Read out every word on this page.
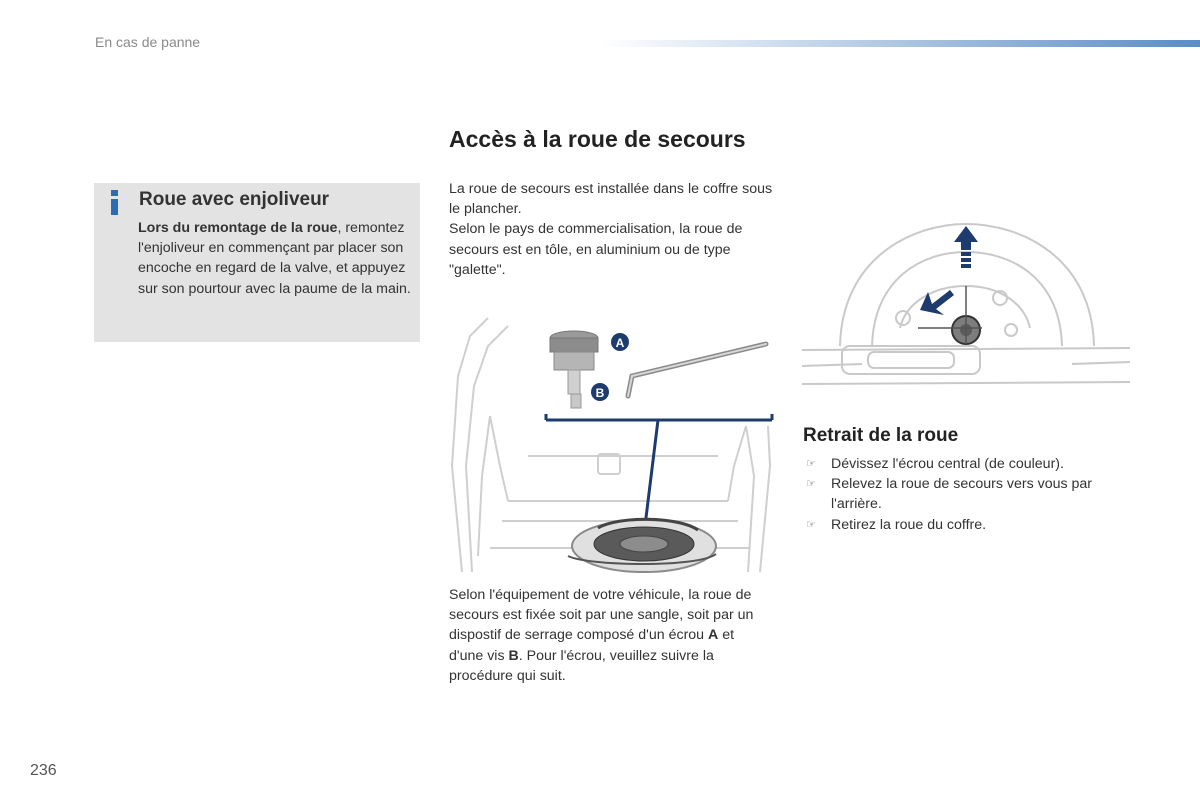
En cas de panne
Roue avec enjoliveur
Lors du remontage de la roue, remontez l'enjoliveur en commençant par placer son encoche en regard de la valve, et appuyez sur son pourtour avec la paume de la main.
Accès à la roue de secours

La roue de secours est installée dans le coffre sous le plancher.

Selon le pays de commercialisation, la roue de secours est en tôle, en aluminium ou de type "galette".

A
B
Selon l'équipement de votre véhicule, la roue de secours est fixée soit par une sangle, soit par un dispostif de serrage composé d'un écrou A et d'une vis B. Pour l'écrou, veuillez suivre la procédure qui suit.
Retrait de la roue
☞ Dévissez l'écrou central (de couleur).
☞ Relevez la roue de secours vers vous par l'arrière.
☞ Retirez la roue du coffre.
236
